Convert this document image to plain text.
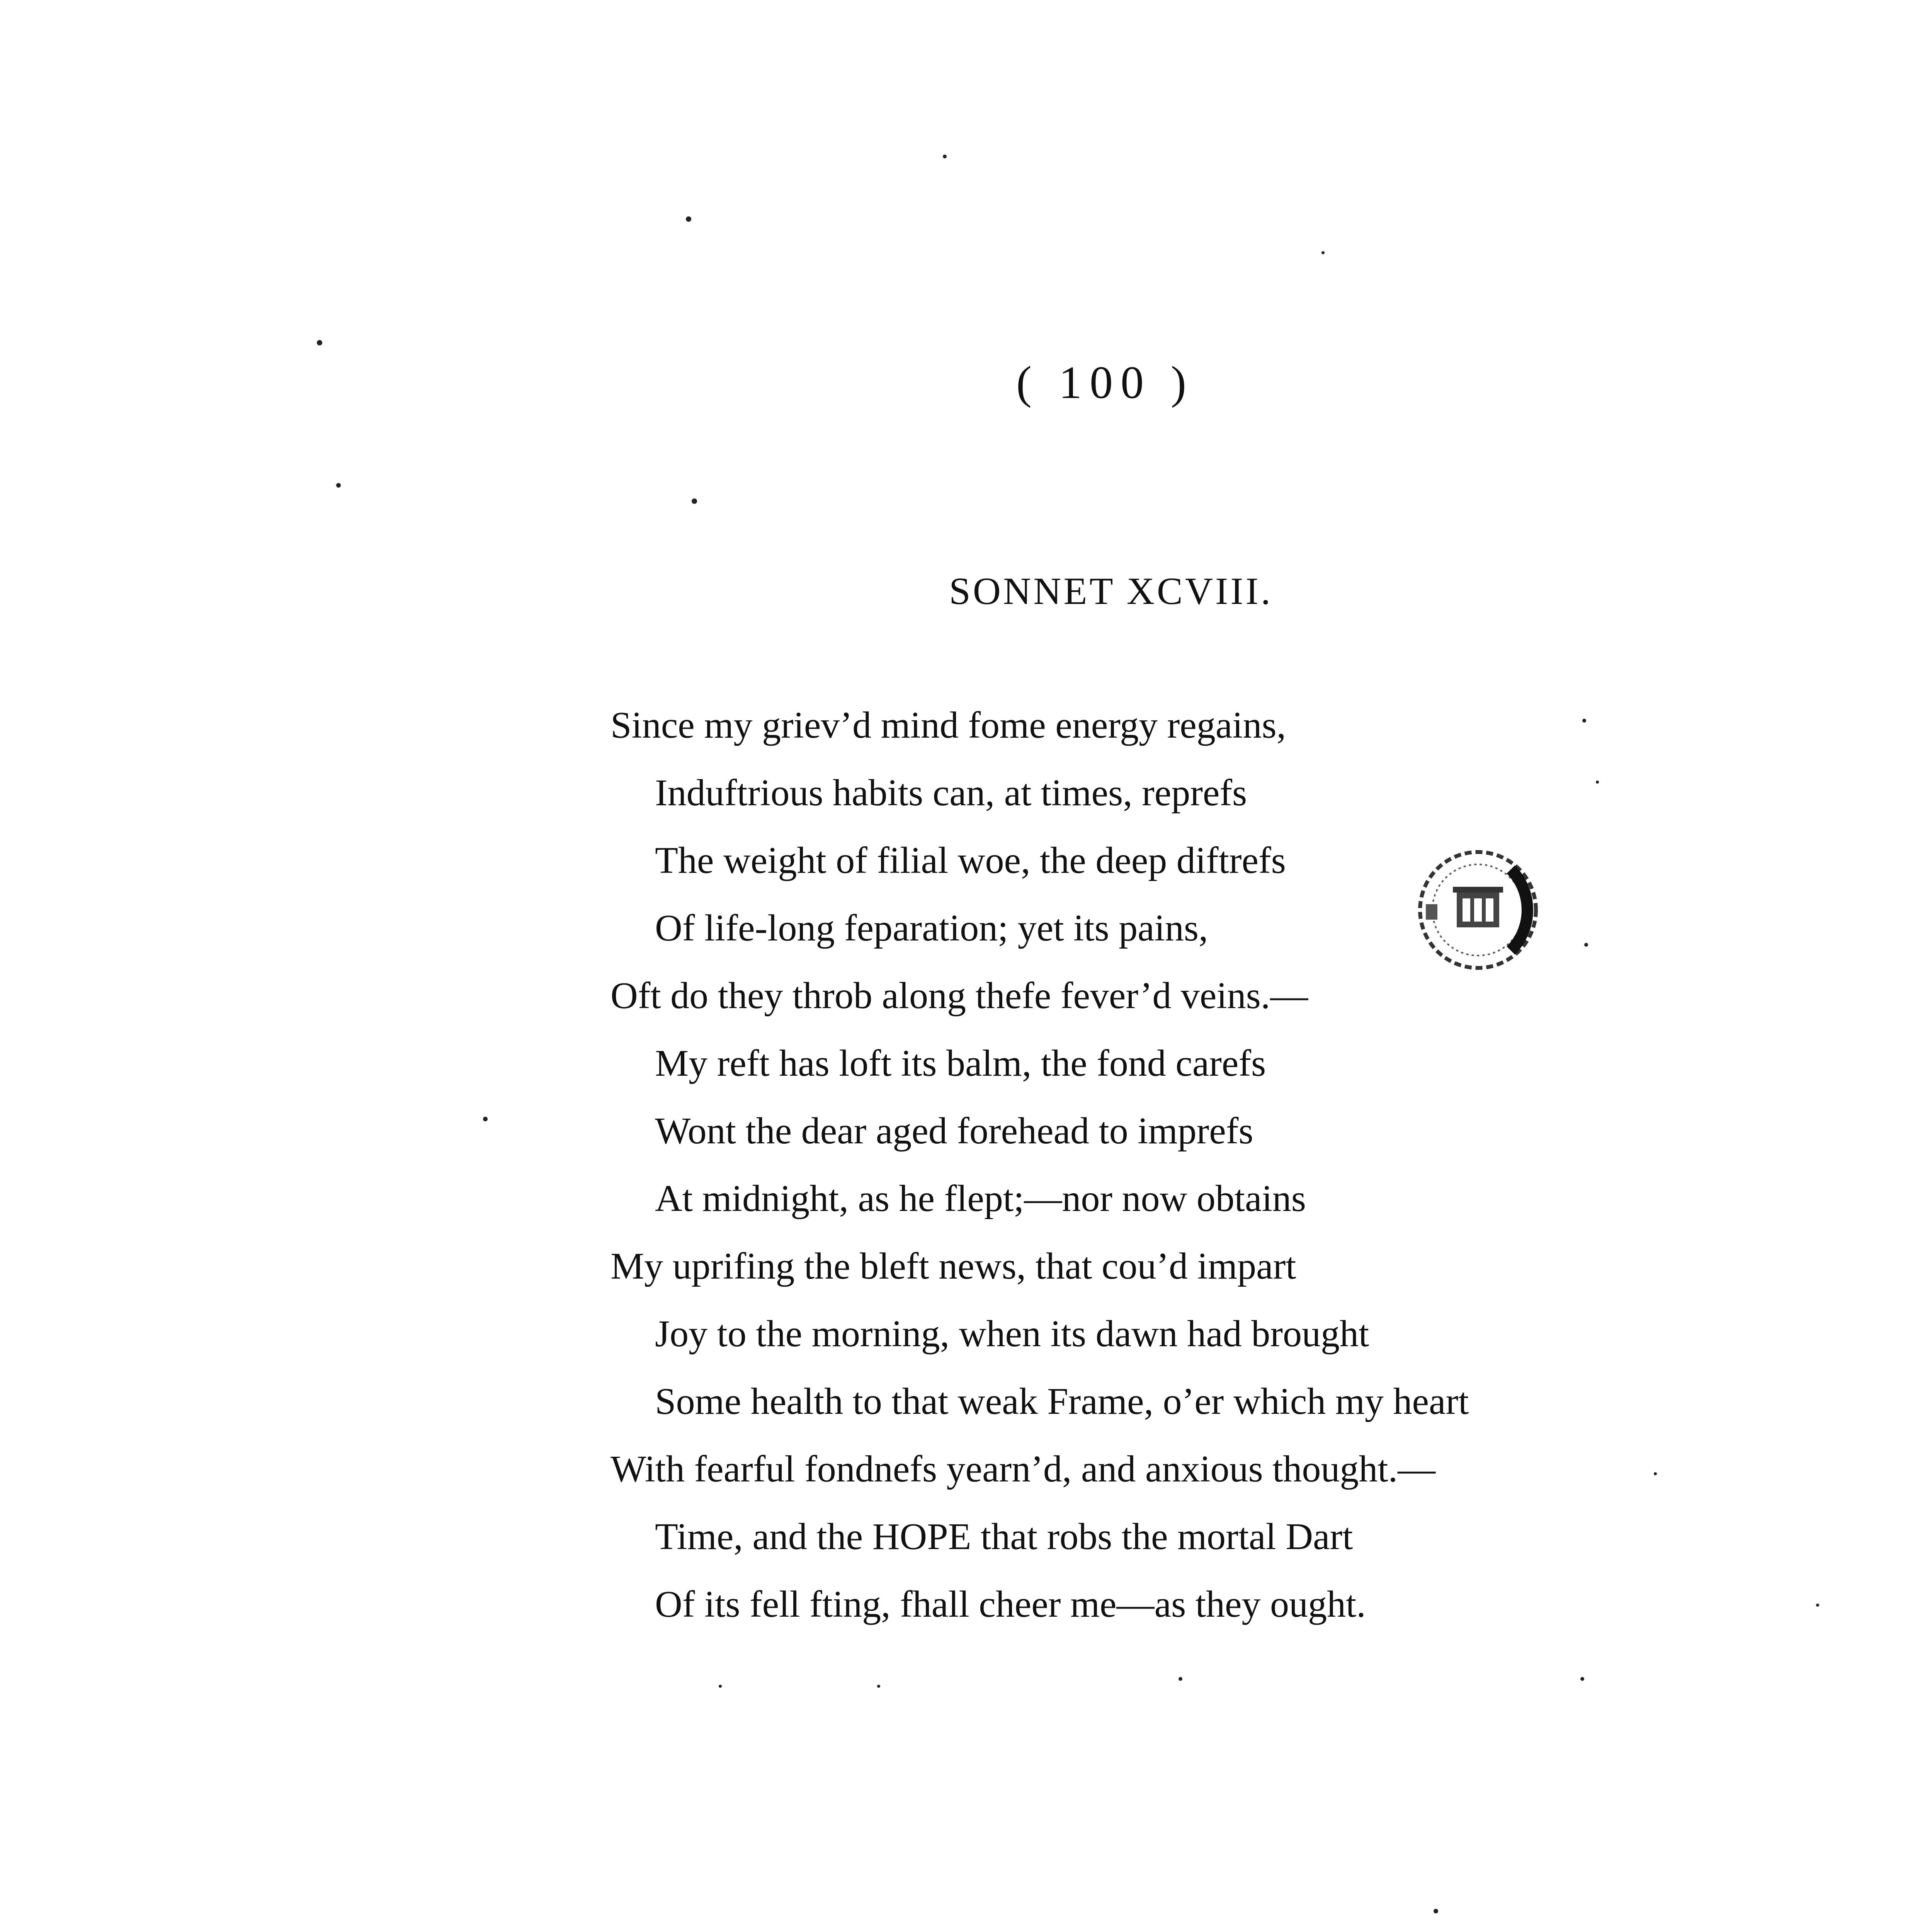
( 100 )
SONNET XCVIII.
Since my griev’d mind fome energy regains,
Induftrious habits can, at times, reprefs
The weight of filial woe, the deep diftrefs
Of life-long feparation; yet its pains,
Oft do they throb along thefe fever’d veins.—
My reft has loft its balm, the fond carefs
Wont the dear aged forehead to imprefs
At midnight, as he flept;—nor now obtains
My uprifing the bleft news, that cou’d impart
Joy to the morning, when its dawn had brought
Some health to that weak Frame, o’er which my heart
With fearful fondnefs yearn’d, and anxious thought.—
Time, and the HOPE that robs the mortal Dart
Of its fell fting, fhall cheer me—as they ought.
